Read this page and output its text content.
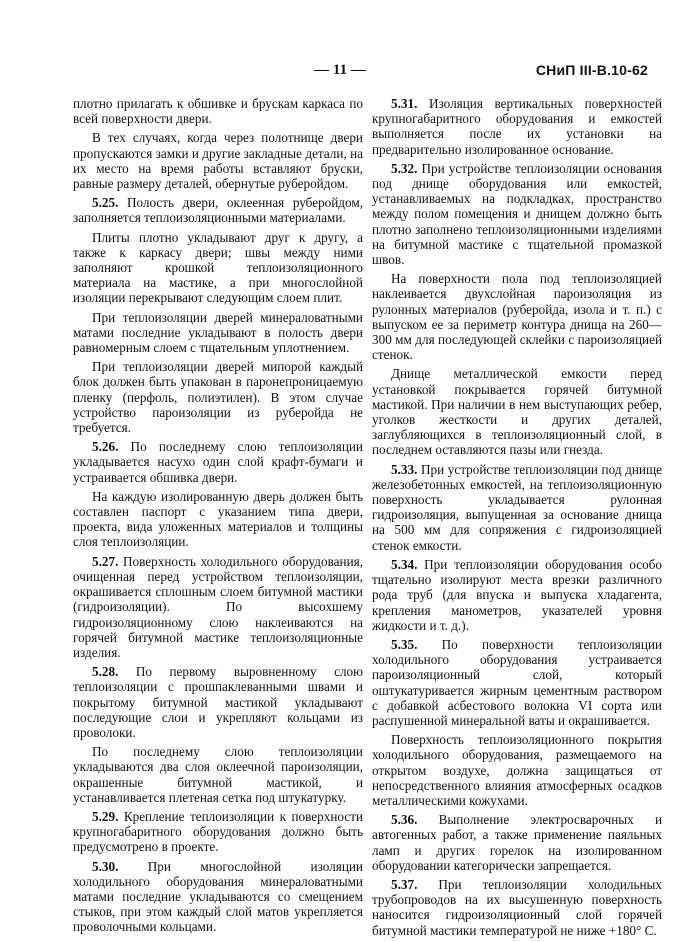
— 11 —	СНиП III-В.10-62

плотно прилагать к обшивке и брускам каркаса по всей поверхности двери.

В тех случаях, когда через полотнище двери пропускаются замки и другие закладные детали, на их место на время работы вставляют бруски, равные размеру деталей, обернутые руберойдом.

5.25. Полость двери, оклеенная руберойдом, заполняется теплоизоляционными материалами.

Плиты плотно укладывают друг к другу, а также к каркасу двери; швы между ними заполняют крошкой теплоизоляционного материала на мастике, а при многослойной изоляции перекрывают следующим слоем плит.

При теплоизоляции дверей минераловатными матами последние укладывают в полость двери равномерным слоем с тщательным уплотнением.

При теплоизоляции дверей мипорой каждый блок должен быть упакован в паронепроницаемую пленку (перфоль, полиэтилен). В этом случае устройство пароизоляции из руберойда не требуется.

5.26. По последнему слою теплоизоляции укладывается насухо один слой крафт-бумаги и устраивается обшивка двери.

На каждую изолированную дверь должен быть составлен паспорт с указанием типа двери, проекта, вида уложенных материалов и толщины слоя теплоизоляции.

5.27. Поверхность холодильного оборудования, очищенная перед устройством теплоизоляции, окрашивается сплошным слоем битумной мастики (гидроизоляции). По высохшему гидроизоляционному слою наклеиваются на горячей битумной мастике теплоизоляционные изделия.

5.28. По первому выровненному слою теплоизоляции с прошпаклеванными швами и покрытому битумной мастикой укладывают последующие слои и укрепляют кольцами из проволоки.

По последнему слою теплоизоляции укладываются два слоя оклеечной пароизоляции, окрашенные битумной мастикой, и устанавливается плетеная сетка под штукатурку.

5.29. Крепление теплоизоляции к поверхности крупногабаритного оборудования должно быть предусмотрено в проекте.

5.30. При многослойной изоляции холодильного оборудования минераловатными матами последние укладываются со смещением стыков, при этом каждый слой матов укрепляется проволочными кольцами.

5.31. Изоляция вертикальных поверхностей крупногабаритного оборудования и емкостей выполняется после их установки на предварительно изолированное основание.

5.32. При устройстве теплоизоляции основания под днище оборудования или емкостей, устанавливаемых на подкладках, пространство между полом помещения и днищем должно быть плотно заполнено теплоизоляционными изделиями на битумной мастике с тщательной промазкой швов.

На поверхности пола под теплоизоляцией наклеивается двухслойная пароизоляция из рулонных материалов (руберойда, изола и т. п.) с выпуском ее за периметр контура днища на 260—300 мм для последующей склейки с пароизоляцией стенок.

Днище металлической емкости перед установкой покрывается горячей битумной мастикой. При наличии в нем выступающих ребер, уголков жесткости и других деталей, заглубляющихся в теплоизоляционный слой, в последнем оставляются пазы или гнезда.

5.33. При устройстве теплоизоляции под днище железобетонных емкостей, на теплоизоляционную поверхность укладывается рулонная гидроизоляция, выпущенная за основание днища на 500 мм для сопряжения с гидроизоляцией стенок емкости.

5.34. При теплоизоляции оборудования особо тщательно изолируют места врезки различного рода труб (для впуска и выпуска хладагента, крепления манометров, указателей уровня жидкости и т. д.).

5.35. По поверхности теплоизоляции холодильного оборудования устраивается пароизоляционный слой, который оштукатуривается жирным цементным раствором с добавкой асбестового волокна VI сорта или распушенной минеральной ваты и окрашивается.

Поверхность теплоизоляционного покрытия холодильного оборудования, размещаемого на открытом воздухе, должна защищаться от непосредственного влияния атмосферных осадков металлическими кожухами.

5.36. Выполнение электросварочных и автогенных работ, а также применение паяльных ламп и других горелок на изолированном оборудовании категорически запрещается.

5.37. При теплоизоляции холодильных трубопроводов на их высушенную поверхность наносится гидроизоляционный слой горячей битумной мастики температурой не ниже +180° С.
